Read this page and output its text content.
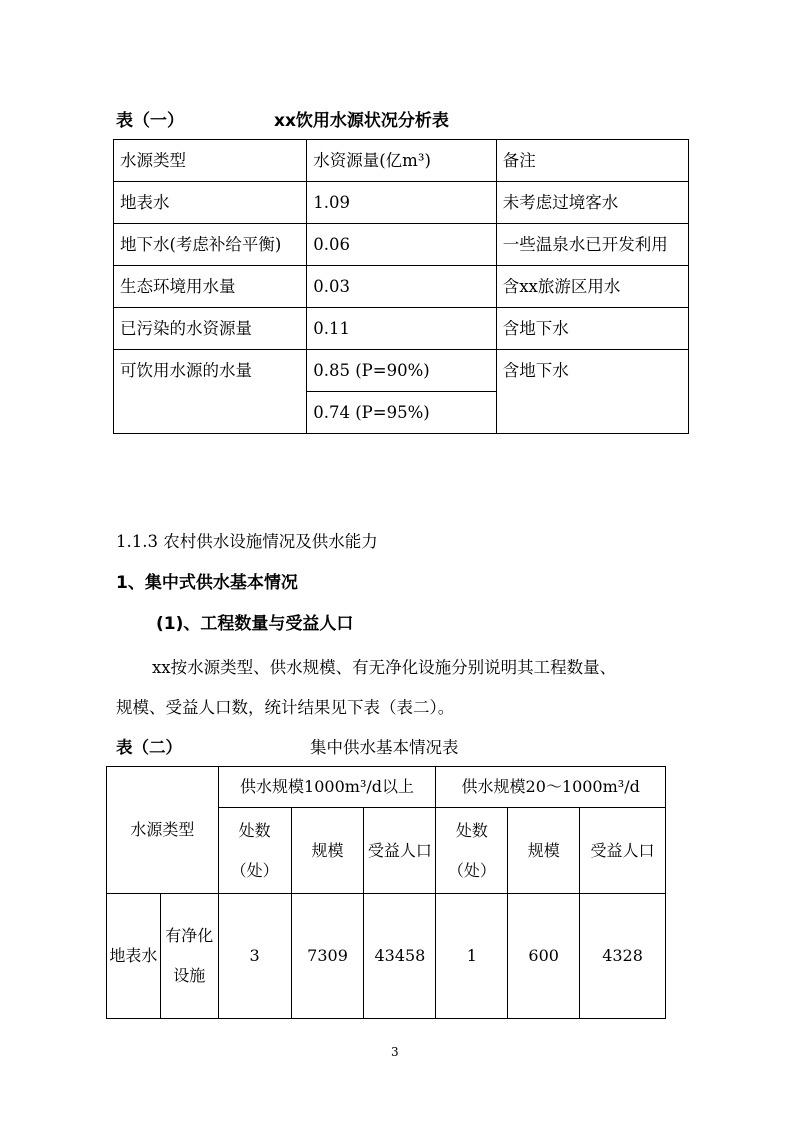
表（一）	xx饮用水源状况分析表
水源类型	水资源量(亿m³)	备注
地表水	1.09	未考虑过境客水
地下水(考虑补给平衡)	0.06	一些温泉水已开发利用
生态环境用水量	0.03	含xx旅游区用水
已污染的水资源量	0.11	含地下水
可饮用水源的水量	0.85 (P=90%)	含地下水
	0.74 (P=95%)	
1.1.3 农村供水设施情况及供水能力
1、集中式供水基本情况
(1)、工程数量与受益人口
xx按水源类型、供水规模、有无净化设施分别说明其工程数量、
规模、受益人口数，统计结果见下表（表二）。
表（二）	集中供水基本情况表
水源类型		供水规模1000m³/d以上			供水规模20～1000m³/d		
		处数（处）	规模	受益人口	处数（处）	规模	受益人口
地表水	有净化设施	3	7309	43458	1	600	4328
3
